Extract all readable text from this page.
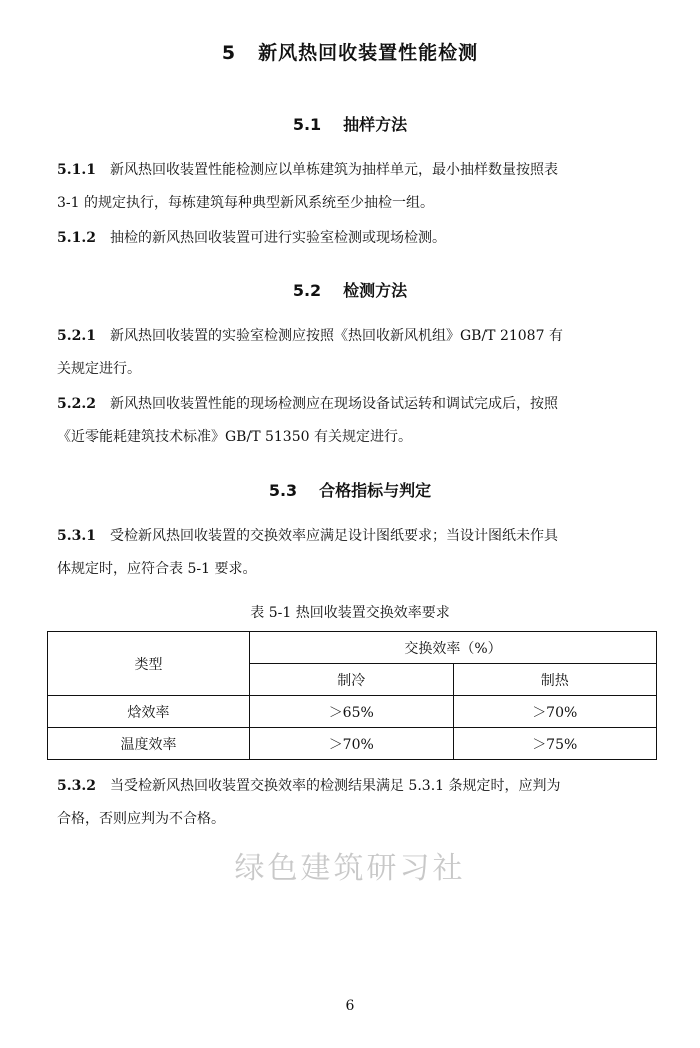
5 新风热回收装置性能检测
5.1 抽样方法
5.1.1 新风热回收装置性能检测应以单栋建筑为抽样单元，最小抽样数量按照表
3-1 的规定执行，每栋建筑每种典型新风系统至少抽检一组。
5.1.2 抽检的新风热回收装置可进行实验室检测或现场检测。
5.2 检测方法
5.2.1 新风热回收装置的实验室检测应按照《热回收新风机组》GB/T 21087 有
关规定进行。
5.2.2 新风热回收装置性能的现场检测应在现场设备试运转和调试完成后，按照
《近零能耗建筑技术标准》GB/T 51350 有关规定进行。
5.3 合格指标与判定
5.3.1 受检新风热回收装置的交换效率应满足设计图纸要求；当设计图纸未作具
体规定时，应符合表 5-1 要求。
表 5-1 热回收装置交换效率要求
类型	交换效率（%）	
	制冷	制热
焓效率	＞65%	＞70%
温度效率	＞70%	＞75%
5.3.2 当受检新风热回收装置交换效率的检测结果满足 5.3.1 条规定时，应判为
合格，否则应判为不合格。
绿色建筑研习社
6
